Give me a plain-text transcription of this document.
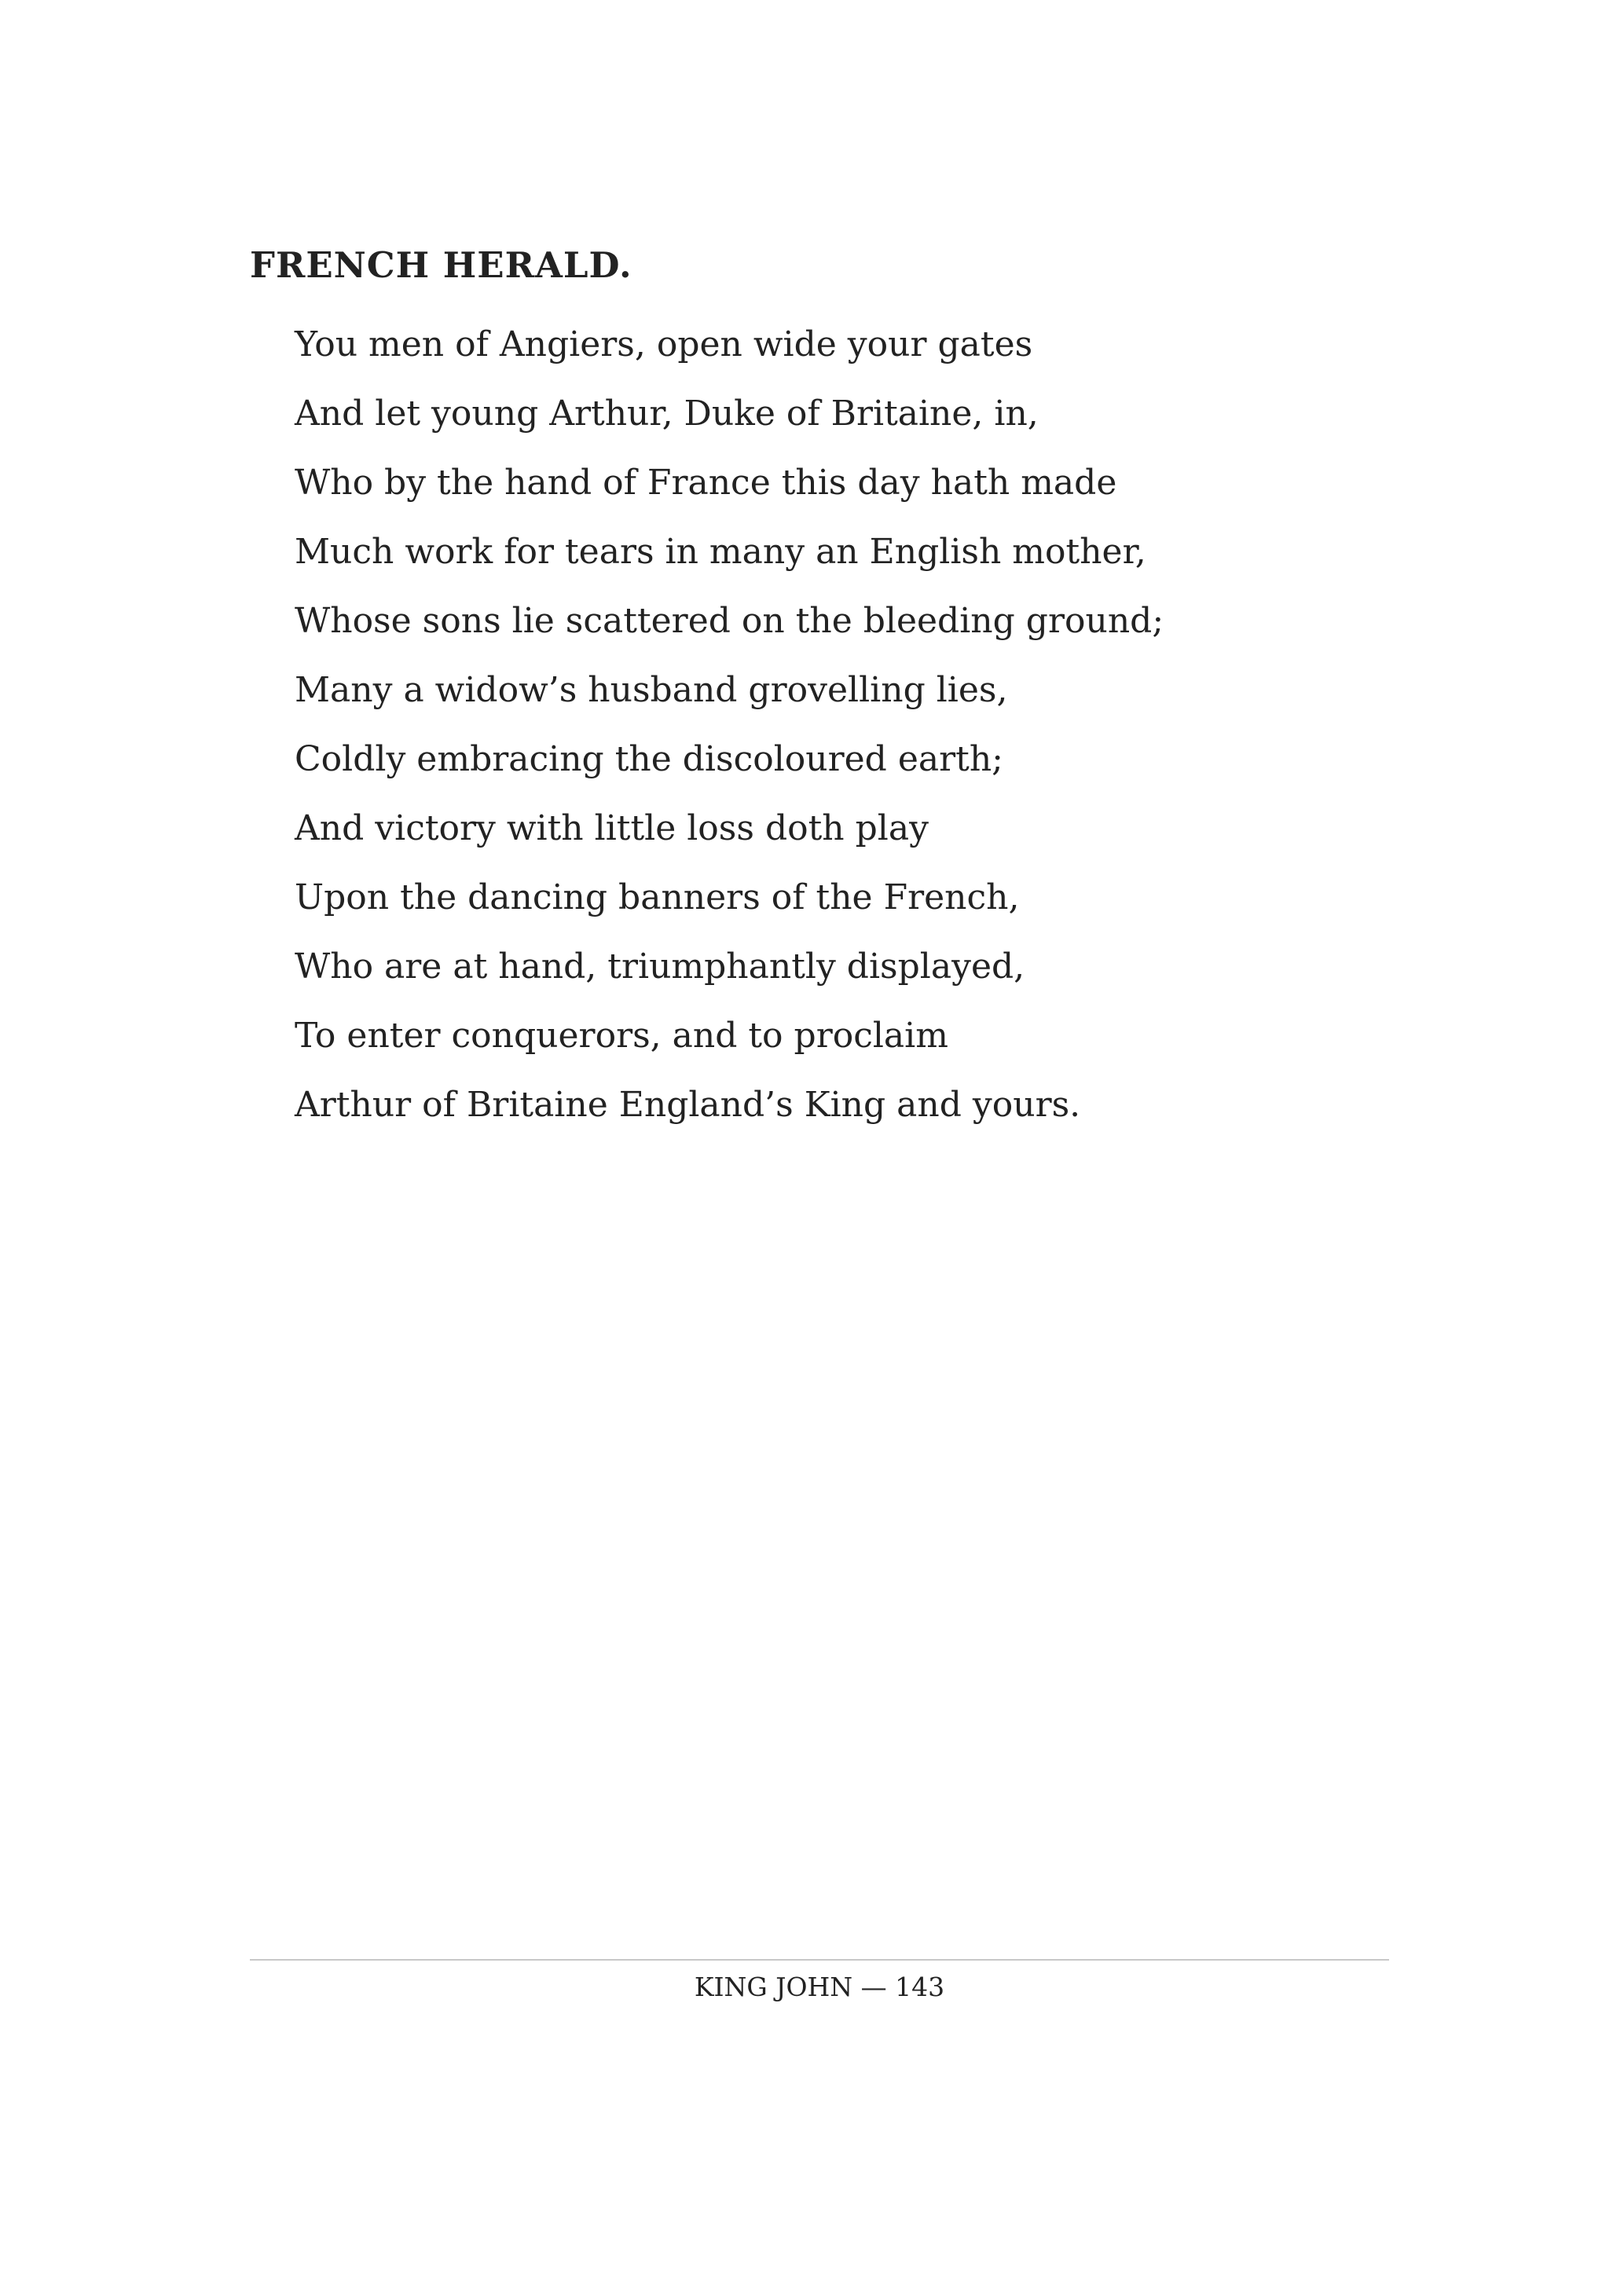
FRENCH HERALD.
You men of Angiers, open wide your gates
And let young Arthur, Duke of Britaine, in,
Who by the hand of France this day hath made
Much work for tears in many an English mother,
Whose sons lie scattered on the bleeding ground;
Many a widow’s husband grovelling lies,
Coldly embracing the discoloured earth;
And victory with little loss doth play
Upon the dancing banners of the French,
Who are at hand, triumphantly displayed,
To enter conquerors, and to proclaim
Arthur of Britaine England’s King and yours.
KING JOHN — 143
